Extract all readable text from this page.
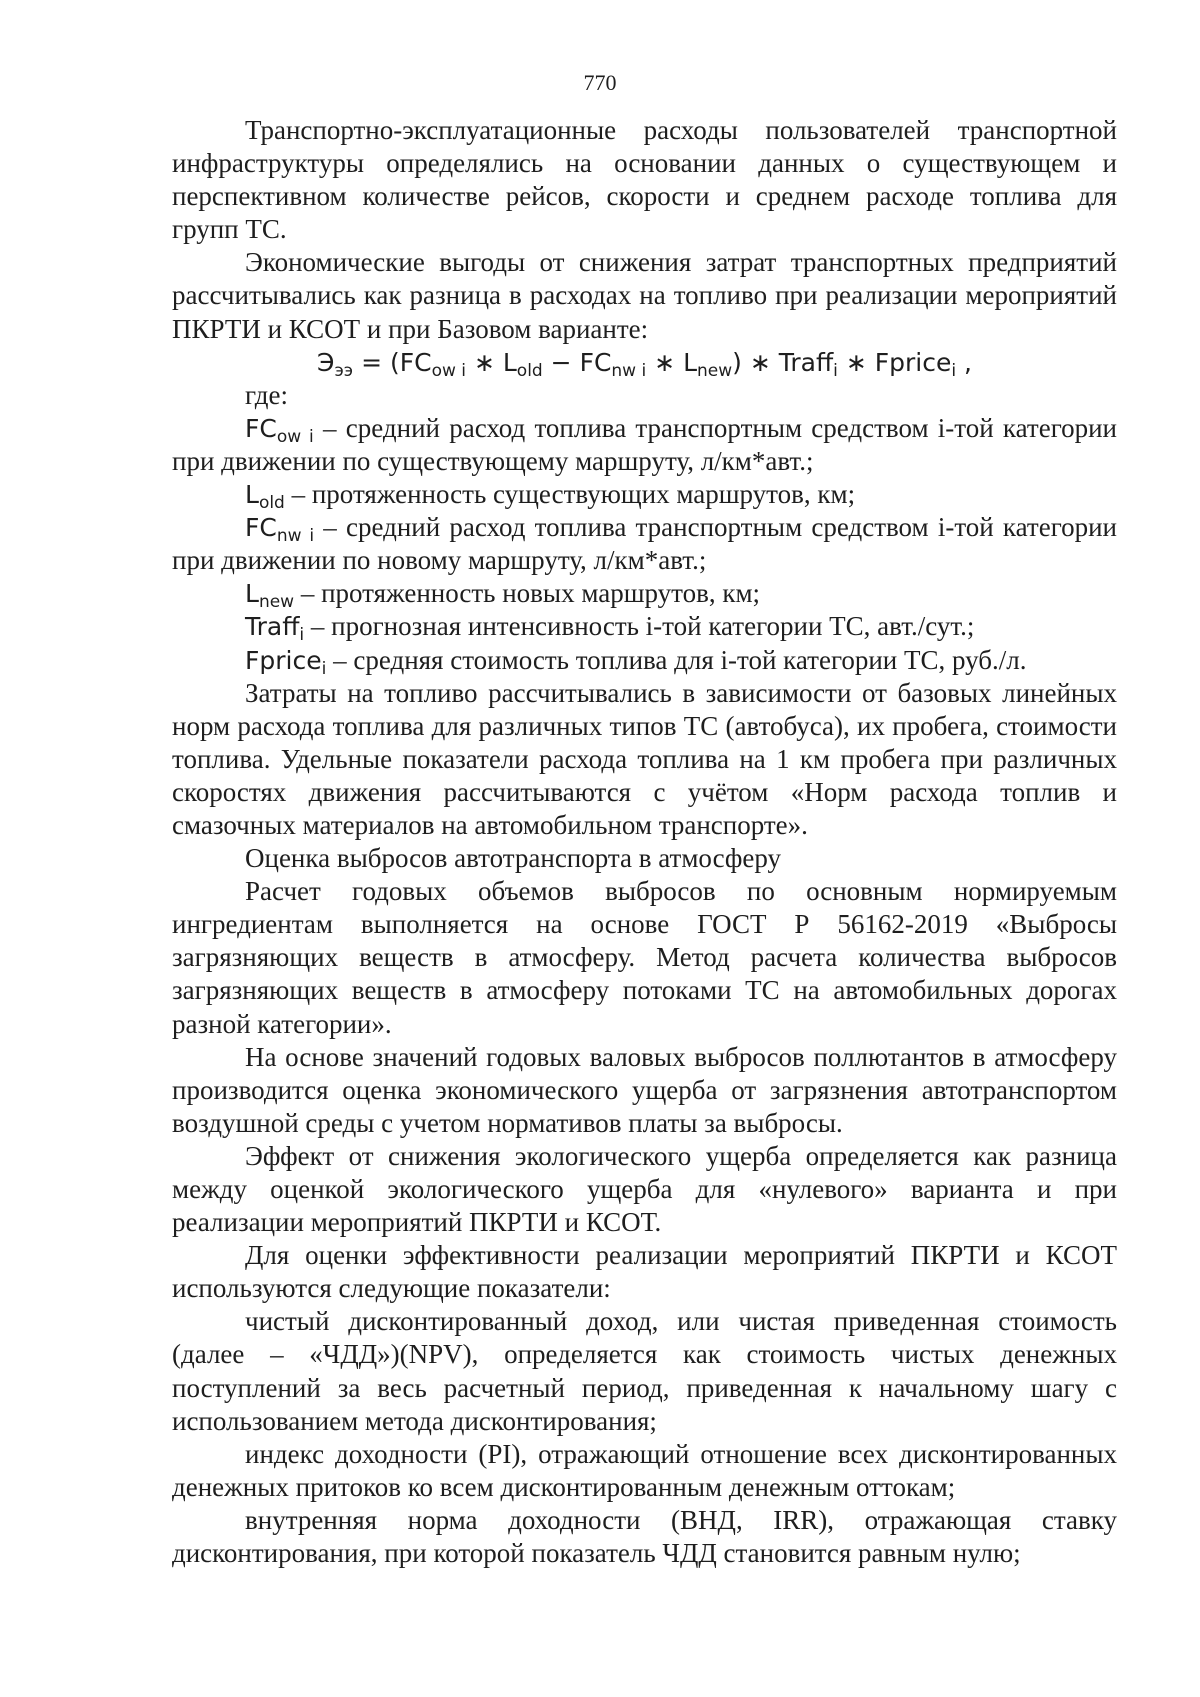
770

Транспортно-эксплуатационные расходы пользователей транспортной инфраструктуры определялись на основании данных о существующем и перспективном количестве рейсов, скорости и среднем расходе топлива для групп ТС.

Экономические выгоды от снижения затрат транспортных предприятий рассчитывались как разница в расходах на топливо при реализации мероприятий ПКРТИ и КСОТ и при Базовом варианте:

$Э_{ээ} = (FC_{ow i}$ ∗ $L_{old} - FC_{nw i}$ ∗ $L_{new}$) ∗ Traff$_i$ ∗ Fprice$_i$ ,

где:

$FC_{ow i}$ – средний расход топлива транспортным средством i-той категории при движении по существующему маршруту, л/км*авт.;

$L_{old}$ – протяженность существующих маршрутов, км;

$FC_{nw i}$ – средний расход топлива транспортным средством i-той категории при движении по новому маршруту, л/км*авт.;

$L_{new}$ – протяженность новых маршрутов, км;

Traff$_i$ – прогнозная интенсивность i-той категории ТС, авт./сут.;

Fprice$_i$ – средняя стоимость топлива для i-той категории ТС, руб./л.

Затраты на топливо рассчитывались в зависимости от базовых линейных норм расхода топлива для различных типов ТС (автобуса), их пробега, стоимости топлива. Удельные показатели расхода топлива на 1 км пробега при различных скоростях движения рассчитываются с учётом «Норм расхода топлив и смазочных материалов на автомобильном транспорте».

Оценка выбросов автотранспорта в атмосферу

Расчет годовых объемов выбросов по основным нормируемым ингредиентам выполняется на основе ГОСТ Р 56162-2019 «Выбросы загрязняющих веществ в атмосферу. Метод расчета количества выбросов загрязняющих веществ в атмосферу потоками ТС на автомобильных дорогах разной категории».

На основе значений годовых валовых выбросов поллютантов в атмосферу производится оценка экономического ущерба от загрязнения автотранспортом воздушной среды с учетом нормативов платы за выбросы.

Эффект от снижения экологического ущерба определяется как разница между оценкой экологического ущерба для «нулевого» варианта и при реализации мероприятий ПКРТИ и КСОТ.

Для оценки эффективности реализации мероприятий ПКРТИ и КСОТ используются следующие показатели:

чистый дисконтированный доход, или чистая приведенная стоимость (далее – «ЧДД»)(NPV), определяется как стоимость чистых денежных поступлений за весь расчетный период, приведенная к начальному шагу с использованием метода дисконтирования;

индекс доходности (PI), отражающий отношение всех дисконтированных денежных притоков ко всем дисконтированным денежным оттокам;

внутренняя норма доходности (ВНД, IRR), отражающая ставку дисконтирования, при которой показатель ЧДД становится равным нулю;
